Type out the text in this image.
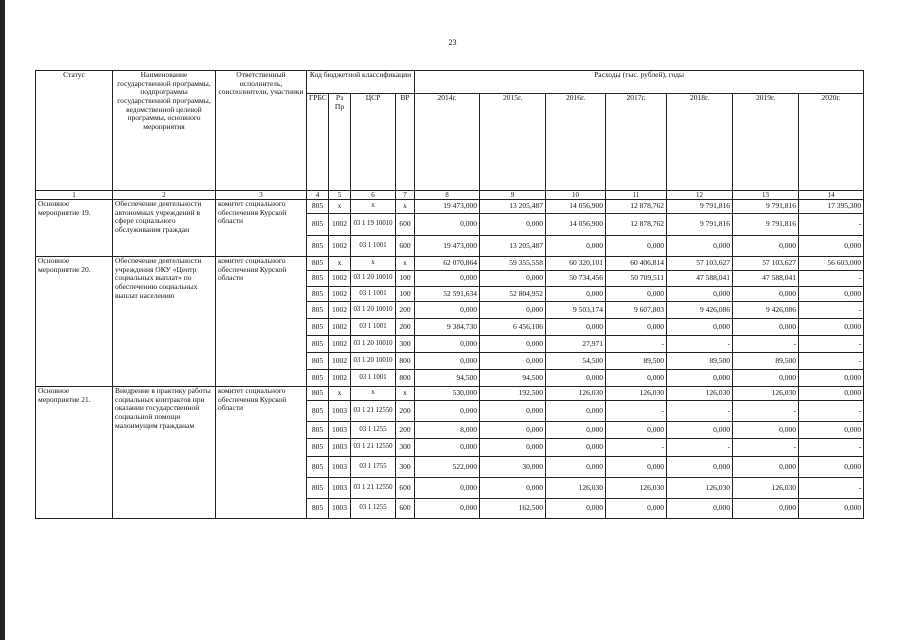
23
Статус	Наименование государственной программы, подпрограммы государственной программы, ведомственной целевой программы, основного мероприятия	Ответственный исполнитель, соисполнители, участники	Код бюджетной классификации				Расходы (тыс. рублей), годы						
			ГРБС	Рз Пр	ЦСР	ВР	2014г.	2015г.	2016г.	2017г.	2018г.	2019г.	2020г.
1	2	3	4	5	6	7	8	9	10	11	12	13	14
Основное мероприятие 19.	Обеспечение деятельности автономных учреждений в сфере социального обслуживания граждан	комитет социального обеспечения Курской области	805	х	х	х	19 473,000	13 205,487	14 056,900	12 878,762	9 791,816	9 791,816	17 395,300
			805	1002	03 1 19 10010	600	0,000	0,000	14 056,900	12 878,762	9 791,816	9 791,816	-
			805	1002	03 1 1001	600	19 473,000	13 205,487	0,000	0,000	0,000	0,000	0,000
Основное мероприятие 20.	Обеспечение деятельности учреждения ОКУ «Центр социальных выплат» по обеспечению социальных выплат населению	комитет социального обеспечения Курской области	805	х	х	х	62 070,864	59 355,558	60 320,101	60 406,814	57 103,627	57 103,627	56 603,000
			805	1002	03 1 20 10010	100	0,000	0,000	50 734,456	50 709,511	47 588,041	47 588,041	-
			805	1002	03 1 1001	100	52 591,634	52 804,952	0,000	0,000	0,000	0,000	0,000
			805	1002	03 1 20 10010	200	0,000	0,000	9 503,174	9 607,803	9 426,086	9 426,086	-
			805	1002	03 1 1001	200	9 384,730	6 456,106	0,000	0,000	0,000	0,000	0,000
			805	1002	03 1 20 10010	300	0,000	0,000	27,971	-	-	-	-
			805	1002	03 1 20 10010	800	0,000	0,000	54,500	89,500	89,500	89,500	-
			805	1002	03 1 1001	800	94,500	94,500	0,000	0,000	0,000	0,000	0,000
Основное мероприятие 21.	Внедрение в практику работы социальных контрактов при оказании государственной социальной помощи малоимущим гражданам	комитет социального обеспечения Курской области	805	х	х	х	530,000	192,500	126,030	126,030	126,030	126,030	0,000
			805	1003	03 1 21 12550	200	0,000	0,000	0,000	-	-	-	-
			805	1003	03 1 1255	200	8,000	0,000	0,000	0,000	0,000	0,000	0,000
			805	1003	03 1 21 12550	300	0,000	0,000	0,000	-	-	-	-
			805	1003	03 1 1755	300	522,000	30,000	0,000	0,000	0,000	0,000	0,000
			805	1003	03 1 21 12550	600	0,000	0,000	126,030	126,030	126,030	126,030	-
			805	1003	03 1 1255	600	0,000	162,500	0,000	0,000	0,000	0,000	0,000
